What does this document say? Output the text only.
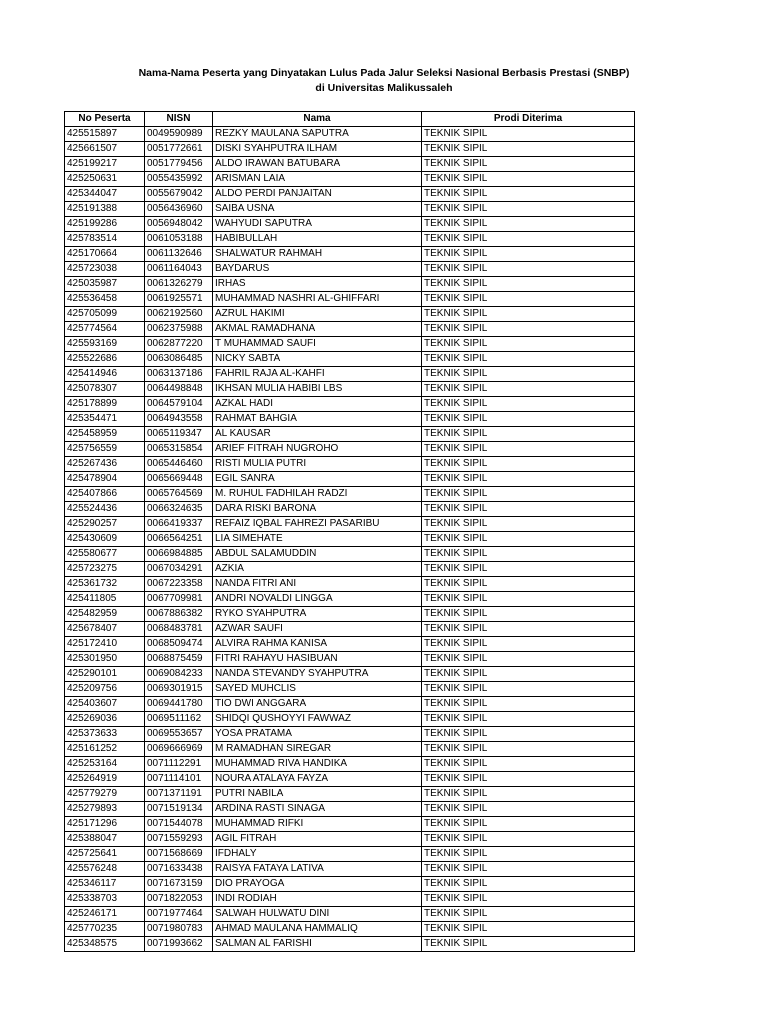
Nama-Nama Peserta yang Dinyatakan Lulus Pada Jalur Seleksi Nasional Berbasis Prestasi (SNBP)
di Universitas Malikussaleh
No Peserta	NISN	Nama	Prodi Diterima
425515897	0049590989	REZKY MAULANA SAPUTRA	TEKNIK SIPIL
425661507	0051772661	DISKI SYAHPUTRA ILHAM	TEKNIK SIPIL
425199217	0051779456	ALDO IRAWAN BATUBARA	TEKNIK SIPIL
425250631	0055435992	ARISMAN LAIA	TEKNIK SIPIL
425344047	0055679042	ALDO PERDI PANJAITAN	TEKNIK SIPIL
425191388	0056436960	SAIBA USNA	TEKNIK SIPIL
425199286	0056948042	WAHYUDI SAPUTRA	TEKNIK SIPIL
425783514	0061053188	HABIBULLAH	TEKNIK SIPIL
425170664	0061132646	SHALWATUR RAHMAH	TEKNIK SIPIL
425723038	0061164043	BAYDARUS	TEKNIK SIPIL
425035987	0061326279	IRHAS	TEKNIK SIPIL
425536458	0061925571	MUHAMMAD NASHRI AL-GHIFFARI	TEKNIK SIPIL
425705099	0062192560	AZRUL HAKIMI	TEKNIK SIPIL
425774564	0062375988	AKMAL RAMADHANA	TEKNIK SIPIL
425593169	0062877220	T MUHAMMAD SAUFI	TEKNIK SIPIL
425522686	0063086485	NICKY SABTA	TEKNIK SIPIL
425414946	0063137186	FAHRIL RAJA AL-KAHFI	TEKNIK SIPIL
425078307	0064498848	IKHSAN MULIA HABIBI LBS	TEKNIK SIPIL
425178899	0064579104	AZKAL HADI	TEKNIK SIPIL
425354471	0064943558	RAHMAT BAHGIA	TEKNIK SIPIL
425458959	0065119347	AL KAUSAR	TEKNIK SIPIL
425756559	0065315854	ARIEF FITRAH NUGROHO	TEKNIK SIPIL
425267436	0065446460	RISTI MULIA PUTRI	TEKNIK SIPIL
425478904	0065669448	EGIL SANRA	TEKNIK SIPIL
425407866	0065764569	M. RUHUL FADHILAH RADZI	TEKNIK SIPIL
425524436	0066324635	DARA RISKI BARONA	TEKNIK SIPIL
425290257	0066419337	REFAIZ IQBAL FAHREZI PASARIBU	TEKNIK SIPIL
425430609	0066564251	LIA SIMEHATE	TEKNIK SIPIL
425580677	0066984885	ABDUL SALAMUDDIN	TEKNIK SIPIL
425723275	0067034291	AZKIA	TEKNIK SIPIL
425361732	0067223358	NANDA FITRI ANI	TEKNIK SIPIL
425411805	0067709981	ANDRI NOVALDI LINGGA	TEKNIK SIPIL
425482959	0067886382	RYKO SYAHPUTRA	TEKNIK SIPIL
425678407	0068483781	AZWAR SAUFI	TEKNIK SIPIL
425172410	0068509474	ALVIRA RAHMA KANISA	TEKNIK SIPIL
425301950	0068875459	FITRI RAHAYU HASIBUAN	TEKNIK SIPIL
425290101	0069084233	NANDA STEVANDY SYAHPUTRA	TEKNIK SIPIL
425209756	0069301915	SAYED MUHCLIS	TEKNIK SIPIL
425403607	0069441780	TIO DWI ANGGARA	TEKNIK SIPIL
425269036	0069511162	SHIDQI QUSHOYYI FAWWAZ	TEKNIK SIPIL
425373633	0069553657	YOSA PRATAMA	TEKNIK SIPIL
425161252	0069666969	M RAMADHAN SIREGAR	TEKNIK SIPIL
425253164	0071112291	MUHAMMAD RIVA HANDIKA	TEKNIK SIPIL
425264919	0071114101	NOURA ATALAYA FAYZA	TEKNIK SIPIL
425779279	0071371191	PUTRI NABILA	TEKNIK SIPIL
425279893	0071519134	ARDINA RASTI SINAGA	TEKNIK SIPIL
425171296	0071544078	MUHAMMAD RIFKI	TEKNIK SIPIL
425388047	0071559293	AGIL FITRAH	TEKNIK SIPIL
425725641	0071568669	IFDHALY	TEKNIK SIPIL
425576248	0071633438	RAISYA FATAYA LATIVA	TEKNIK SIPIL
425346117	0071673159	DIO PRAYOGA	TEKNIK SIPIL
425338703	0071822053	INDI RODIAH	TEKNIK SIPIL
425246171	0071977464	SALWAH HULWATU DINI	TEKNIK SIPIL
425770235	0071980783	AHMAD MAULANA HAMMALIQ	TEKNIK SIPIL
425348575	0071993662	SALMAN AL FARISHI	TEKNIK SIPIL
